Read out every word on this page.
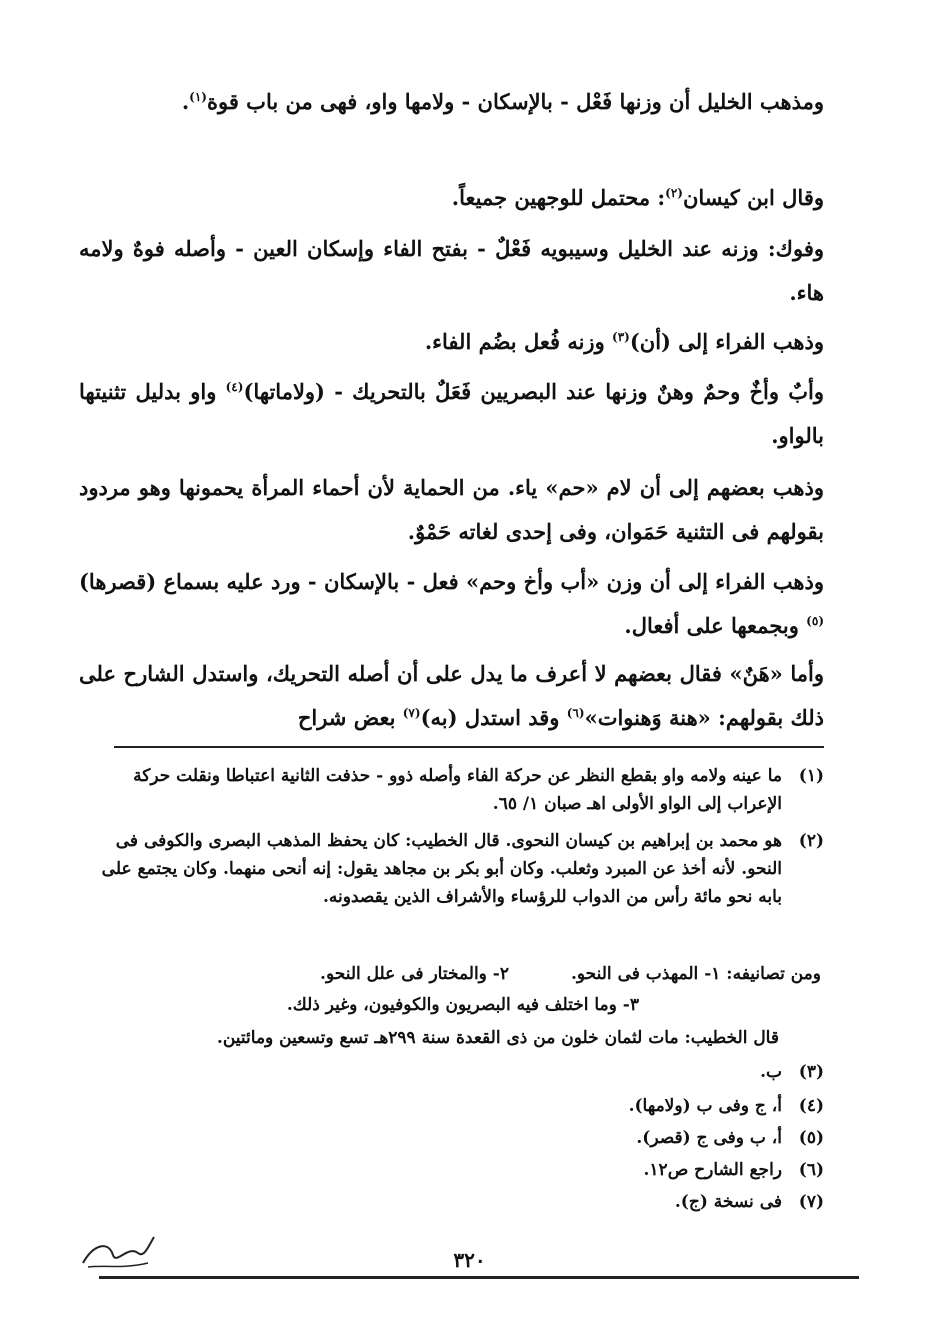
ومذهب الخليل أن وزنها فَعْل - بالإسكان - ولامها واو، فهى من باب قوة$^{(١)}$.
وقال ابن كيسان$^{(٢)}$: محتمل للوجهين جميعاً.
وفوك: وزنه عند الخليل وسيبويه فَعْلٌ - بفتح الفاء وإسكان العين - وأصله فوهٌ ولامه هاء.
وذهب الفراء إلى (أن)$^{(٣)}$ وزنه فُعل بضُم الفاء.
وأبٌ وأخٌ وحمٌ وهنٌ وزنها عند البصريين فَعَلٌ بالتحريك - (ولاماتها)$^{(٤)}$ واو بدليل تثنيتها بالواو.
وذهب بعضهم إلى أن لام «حم» ياء. من الحماية لأن أحماء المرأة يحمونها وهو مردود بقولهم فى التثنية حَمَوان، وفى إحدى لغاته حَمْوٌ.
وذهب الفراء إلى أن وزن «أب وأخ وحم» فعل - بالإسكان - ورد عليه بسماع (قصرها)$^{(٥)}$ وبجمعها على أفعال.
وأما «هَنٌ» فقال بعضهم لا أعرف ما يدل على أن أصله التحريك، واستدل الشارح على ذلك بقولهم: «هنة وَهنوات»$^{(٦)}$ وقد استدل (به)$^{(٧)}$ بعض شراح
(١)
ما عينه ولامه واو بقطع النظر عن حركة الفاء وأصله ذوو - حذفت الثانية اعتباطا ونقلت حركة الإعراب إلى الواو الأولى اهـ صبان ١/ ٦٥.
(٢)
هو محمد بن إبراهيم بن كيسان النحوى. قال الخطيب: كان يحفظ المذهب البصرى والكوفى فى النحو. لأنه أخذ عن المبرد وثعلب. وكان أبو بكر بن مجاهد يقول: إنه أنحى منهما. وكان يجتمع على بابه نحو مائة رأس من الدواب للرؤساء والأشراف الذين يقصدونه.
ومن تصانيفه: ١- المهذب فى النحو.
٢- والمختار فى علل النحو.
٣- وما اختلف فيه البصريون والكوفيون، وغير ذلك.
قال الخطيب: مات لثمان خلون من ذى القعدة سنة ٢٩٩هـ تسع وتسعين ومائتين.
(٣)
ب.
(٤)
أ، ج وفى ب (ولامها).
(٥)
أ، ب وفى ج (قصر).
(٦)
راجع الشارح ص١٢.
(٧)
فى نسخة (ج).
٣٢٠
